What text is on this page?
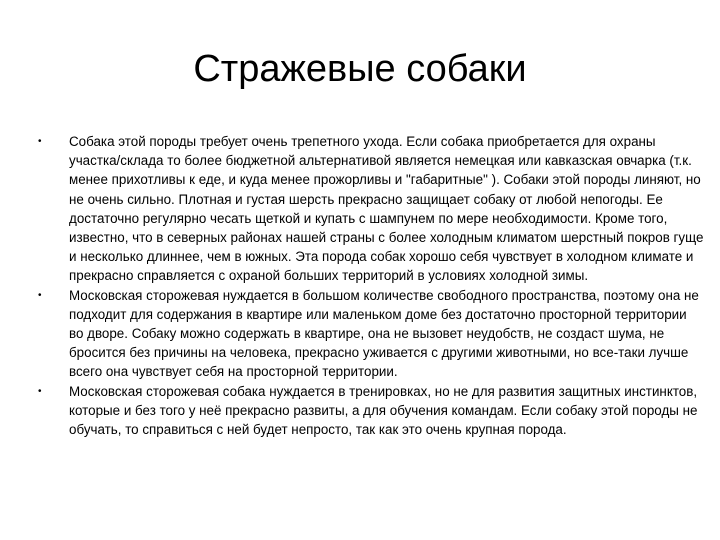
Стражевые собаки
•	Собака этой породы требует очень трепетного ухода. Если собака приобретается для охраны участка/склада то более бюджетной альтернативой является немецкая или кавказская овчарка (т.к. менее прихотливы к еде, и куда менее прожорливы и "габаритные" ). Собаки этой породы линяют, но не очень сильно. Плотная и густая шерсть прекрасно защищает собаку от любой непогоды. Ее достаточно регулярно чесать щеткой и купать с шампунем по мере необходимости. Кроме того, известно, что в северных районах нашей страны с более холодным климатом шерстный покров гуще и несколько длиннее, чем в южных. Эта порода собак хорошо себя чувствует в холодном климате и прекрасно справляется с охраной больших территорий в условиях холодной зимы.
•	Московская сторожевая нуждается в большом количестве свободного пространства, поэтому она не подходит для содержания в квартире или маленьком доме без достаточно просторной территории во дворе. Собаку можно содержать в квартире, она не вызовет неудобств, не создаст шума, не бросится без причины на человека, прекрасно уживается с другими животными, но все-таки лучше всего она чувствует себя на просторной территории.
•	Московская сторожевая собака нуждается в тренировках, но не для развития защитных инстинктов, которые и без того у неё прекрасно развиты, а для обучения командам. Если собаку этой породы не обучать, то справиться с ней будет непросто, так как это очень крупная порода.
